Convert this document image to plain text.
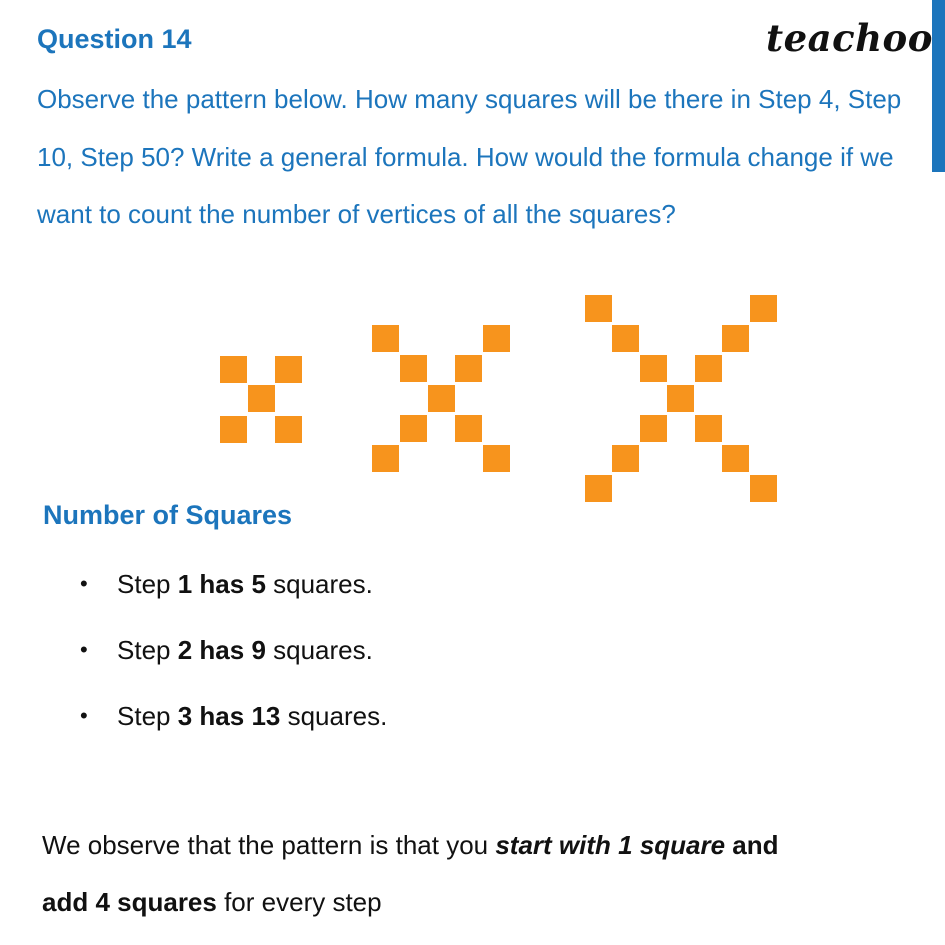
Question 14	teachoo
Observe the pattern below. How many squares will be there in Step 4, Step 10, Step 50? Write a general formula. How would the formula change if we want to count the number of vertices of all the squares?
Number of Squares
• Step 1 has 5 squares.
• Step 2 has 9 squares.
• Step 3 has 13 squares.
We observe that the pattern is that you start with 1 square and
add 4 squares for every step
